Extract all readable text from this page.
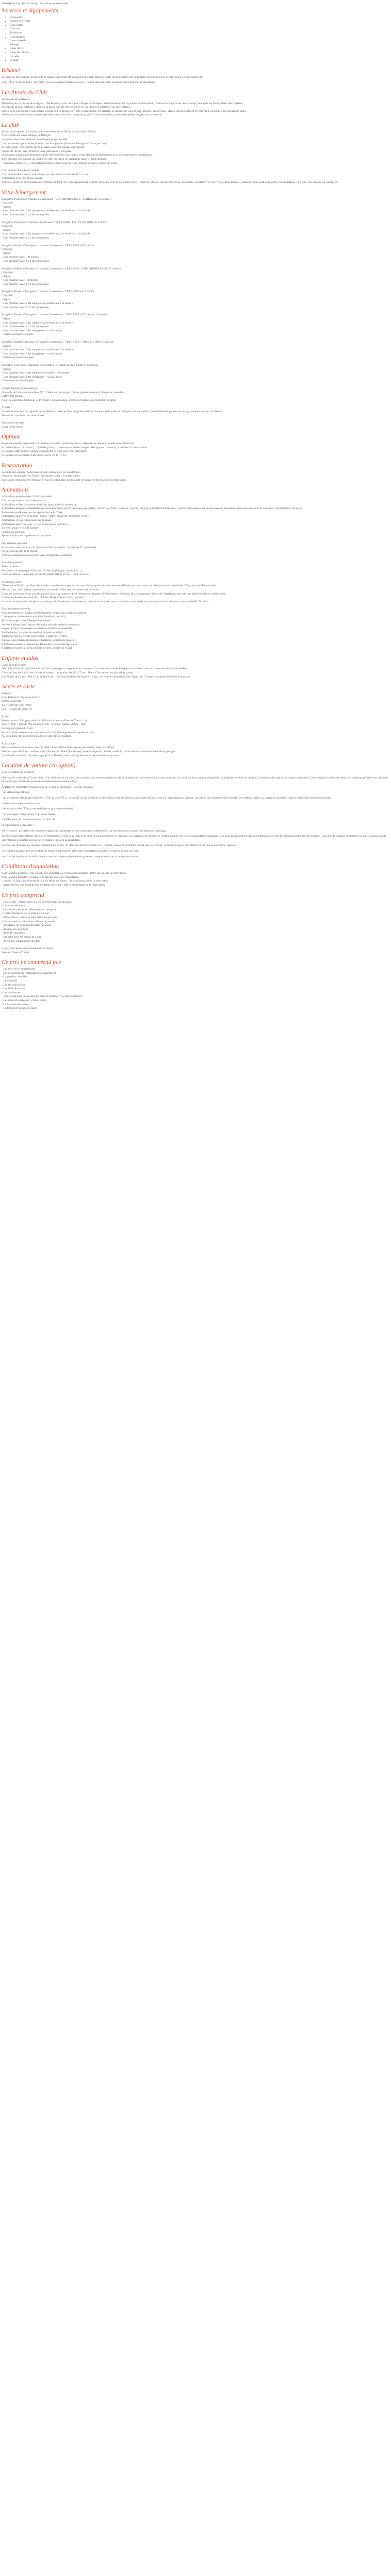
Description à la prise en charge : Ce qui ne comprend pas

Services et équipements
• Restaurant
• Piscine extérieure
• Club enfant
• Club ado
• Télévision
• Climatisation
• Lave vaisselle
• Ménage
• Linge de lit
• Linge de toilette
• Lit bébé
• Parking
Résumé

Au cœur de La Bourgne, profitez de ce magnifique Club 3★ au bord d'une belle plage de sable fin et au milieu de 22 hectares de pinède pour un merveilleux séjour ensoleillé.

Club 3★ au bord du mont : réception, bar et restaurant (barbecue noué) • Le tout dans un cadre époustouflant entre mer et montagnes.

Les Atouts du Club
Pécheresse de la Bigorre.
Découvrez les richesses de la région : l'Île Rousse, Calvi, les vieux villages de Balagne, Saint-Florent et les vignobles de Patrimonio, Bastia et le Cap Corse, Porto et les Calanques de Piana, désert des Agriates...
Profitez de la beau marbique idéal sur la plage du club (sélectionné) et leur mourir et parallèle (sur réservation).
Initiez-vous à la plongée sous-marine (École de l'Île Rousse à 7 km). Sophistiquer vos activités et séances de jeux de mer, plongée découvertes, stages, d'enseignement et réservation la agence de l'accueil du club).
Découvrez de nombreuses activités sportives autour du club : canyoning, golf 9 trous, équitation, randonnées pédestres, parcours aventures...
Le club
Réunit au rivage de la Corse et de la côte ouest, entre l'Île Rousse et Saint-Florent.
À proximité des vieux villages de Balagne.
Les pieds dans l'eau, au bord d'une longue plage de sable.
La climatisation pour un été au frais dans le logement (Formule Prestige et Classique Club).
Au cœur d'une verte pinède de 22 hectares avec une magnifique piscine.
Piscine de 400 m² semi chauffée, avec pataugeoire, pergolas.
Une équipe d'animation dynamique pour des moments conviviaux et une décoration thématique pour des expériences inoubliables.
Bien meublée sur la plage du Club avec offre de loges et location de matériel (sélectionné).
• Club avec ombrière : « circulation piétonne à l'intérieur du Club, parking gratuit à l'entrée du Club.
Club entouré d'une belle verdure.
Club entouré des 3 ans et animations pour les juniors et ados de 11 à 17 ans.
Animations pour tous tout la saison.
Activités sportives et, bibliothèque (Terrains de Padel et Tennis (possibilité de louer sur place avec le partenaire Hotel), cours de fitness / Aérogymnastique, bal zumbe, location VTT, activités « Mini tennis », pétanque, mini golf, ping-pong, Ski Aquatique, tir à l'arc, jeu 18m de jeu, aquagym...
Votre hébergement
Bungalow Premium 3 chambres 6 personnes / VUE IMPRENABLE / TERRASSE (25 à 40m²)
Climatisé
- Séjour
- Une chambre avec 2 lits simples convertibles en 1 lit double ou 1 lit double
- Une chambre avec 2 x 2 lits superposés
Bungalow Premium 2 chambres 4 personnes / TERRASSE / FRONT DE MER (25 à 40m²)
Climatisé
- Séjour
- Une chambre avec 2 lits simples convertibles en 1 lit double ou 1 lit double
- Une chambre avec 2 x 2 lits superposés
Bungalow Duplex Classique 2 chambres 5 personnes / TERRASSE (35 à 40m²)
Climatisé
- Séjour
- Une chambre avec 1 lit double
- Une chambre avec 2 x 2 lits superposés
Bungalow Duplex Classique 2 chambres 6 personnes / TERRASSE / VUE IMPRENABLE (25 à 40m²)
Climatisé
- Séjour
- Une chambre avec 1 lit double
- Une chambre avec 2 x 2 lits superposés
Bungalow Duplex Classique 2 chambres 6 personnes / TERRASSE (30 à 35m²)
Climatisé
- Séjour
- Une chambre avec 2 lits simples convertibles en 1 lit double
- Une chambre avec 2 x 2 lits superposés
Bungalow Duplex Classique 2 chambres 6 personnes / TERRASSE (25 à 40m²) : Climatisé,
- Séjour
- Une chambre avec 2 lits simples convertibles en 1 lit double
- Une chambre avec 2 x 2 lits superposés
- Une chambre avec 2 lits superposés + un lit simple
- Terrasse privative équipée
Bungalow Duplex Classique 2 chambres 6 personnes / TERRASSE / VUE (25 à 40m²) Climatisé
- Séjour
- Une chambre avec 2 lits simples convertibles en 1 lit double
- Une chambre avec 2 lits superposés + un lit simple
- Terrasse privative équipée
Bungalow Classique 2 chambres 5 personnes / TERRASSE (25 à 40m²) : Climatisé
- Séjour
- Une chambre avec 2 lits simples convertibles 1 lit double
- Une chambre avec 2 lits superposés + un lit simple
- Terrasse privative équipée
Chaque logement est équipé de :
Une salle de bain avec douche et WC. Télévision écran plat, chaise, grande armoire à plaques et vaisselier.
Coffre-fort payant.
Pour les logements Classique et Premium : Climatisation, terrasse privative avec mobilier de jardin
À noter :
Chambres avec balcon, répartis sur les Séniors, bébés et Teen Ange de parchins Des sont Sédentaire de 7 étages avec ascenseurs, possibilité de logements en Sanglants dans la pour vos Séniors.
Toutes les chambres sont non-fumeur.
Prestations incluses :
Linge de lit fourni
Options
Pension complète disponible sur certaines périodes : petits-déjeuners, déjeuners et dîners à la table selon direction).
All table offert ( 16 h et ed ) : Lit bébé gratuit, chaise haute et chaise longue bébé (payant 12 euros), à préciser à la réservation.
Ce service étant délivré selon la disponibilité et à préciser à la réservation.
Ce service est à préciser avant départ au 04 46 11 17 14.
Restauration
Formule en location : hébergement seul, restauration en supplément.
Nouveau : Restaurant "Le Padus" spécialités Corse : en supplément.
Bar lounge climatisé avec terrasse et vue exceptionnelle sur le Golfe de Lozari et bar piscine en pleine aout.
Animations
Animations programmées à l'été (saisonale).
Club enfant intervenant la découverte.
Animations en bar (ambiance musicale, jeux, apéritifs animés...).
Animations ludiques et familiales en fin de journée et soirée : tournées spectacles, tournois de Poker, Karaoké, cinéma, cabaret, animations d'ambiance ; soirées thématiques, en fin de semaine, animations musicales (festival de musiques, d'animation et de jeux).
Rencontres et découvertes des spectacles de la Corse.
Animations sportives pour tous : tennis, volley, aquagym, stretching, gym...
Animations et loisirs intérieurs sur la plage.
Animations sportives pour : « Les Randon rons de Lon » ...
Soirées lounge en fin de journée.
Cinéma en plein air.
Sports et loisirs en supplément à proximité.
Des activités payantes :
Excursions toute la saison au départ du Club (en saison : à partir de 20 personnes).
Sorties découverte de la région.
Activités nautiques au sport libre avec prestataires extérieurs.
Activités gratuites :
Toute la saison :
Jeux, tournois, pétanque, Kids club (football, pétanque, water-polo...).
Cours de fitness, Bienvenue, leçons de tennis, lettres 10 en 11 mm / Louvre.
En saison et hors :
"Découverte Tonic" : profitez d'une offre complète de stages et cours particuliers pour tous les niveaux, délivrés par nos coachs certifiés (moniteurs diplômés d'État, plus de 150 activités).
Prêt de Tonic avec prêt de matériel sur la base de l'offre, une découverte de la Corse.
Cours de remise en forme assurés par les coachs partenaires de la Fédération Française d'Athlétisme : Running, Marche nordique, Cross-fit, Stretching, activités aux agrès et séances d'athlétisme.
Coachs professionnels certifiés : "Pilates, Body Combat, Body Balance".
Cours et initiation délivrés par nos moniteurs diplômés pour les enfants à partir de 6 ans (débutants, confirmés ou en perfectionnement), suivi en piscine, ou espace dédié. Tir à l'arc.
Bons moments ensemble :
Bons moments sur la plage du Club (public, seuls, sous condition météo).
Calanques et rivières (une activité à l'extérieur du club).
Pétanque et jeux avec l'équipe d'animation.
Soirées à thème dans l'espace dédié (location de matériel en option).
Kayak de mer (randonnées encadrées et location de matériel).
Paddle (cours, location de matériel, balades guidées).
Balades à vélo électrique (avec guide, à partir de 16 ans).
Plongée sous-marine (initiation et baptême, location de matériel).
Randonnée pédestre (Sentier des Douaniers, Désert des Agriates).
Équitation (balade à cheval au bord de mer, à partir de 8 ans).
Enfants et ados
Clubs enfants et ados
Des clubs offrant la possibilité de découvrir, partager et s'épanouir en s'amusant à travers les activités ludiques et sportives, dans un cadre sécurisé et bienveillant.
Clubs enfants de 3 à 10 ans, fermés le samedi. Les juniors de 11 à 17 ans : Teens Club, ouvert en journée et soirée.
Les Pirates des 4 ans : 10h à 12h et 16h à 18h : Les Moussaillons de 6 ans et 12 ans : activités et animations, les Teens (11-17 ans) en vacances scolaires Françaises.
Accès et carte
Adresse :
Club Belambra "Golfe de Lozari"
20226 Belgodère
Tél : +33(0)4 95 60 00 00
Fax : +33(0)4 95 60 00 79
Accès :
Voie en avion : Aéroports de Calvi (30 km - Allenton) Bastia (75 km - 1h)
Voie en ferry : Port de l'Île-Rousse (7 km - 10 mn) ; Bastia (70 km - 1h10)
Parking non gardé du Club
Service de bus navette avec arrêt devant le club (renseignements auprès du club).
Au-delà d'une des plus belles plages de sable fin de Balagne.
À proximité :
Tous commerces et services avec un club : alimentation, boulangerie, pharmacie, tabac et coiffeur.
Dans un rayon de 7 km : banque et distributeur de billets (Île Rousse), bureau de poste, cinéma, médecin, station essence, location matériel de plongée.
Location de voitures / vélo électrique (Calvi, Bastia) (réservation préalable au déroulement sur place).
Location de voiture (en option)

Pour la location de véhicule :

Délivrez les codes de la Corse à bord d'un véhicule de location Une caution vous sera demandée lors de la récupération de votre véhicule chez le loueur. Le montant de la caution dépend de la catégorie de véhicule choisie. Le montant de caution vous sera remboursé à la restitution du véhicule, dans les conditions prévues (en l'absence de dommage). Toutes les garanties complémentaires sont exclues.

À défaut de conducteur principal âgé de 21 ans au minimum, les tarifs incluent :

- un kilométrage illimité

- les assurances dommage accident (CDW) et vol (TPC) : en cas de vol du véhicule ou des objets (sauf accessoires non autorisés) hors d'un lieu privé (garage, parking, surveillé), une franchise d'un montant non définitif reste à la charge du locataire (perte et franchise non remboursable)

- l'assurance responsabilité civile

- les taxes locales (TVA, taxes fédérales et gouvernementales)

- un surcharge d'aéroport sur la prise en charge

- le GPS selon le conditionnement du véhicule

Les documents à présenter :

Votre conseil : Le permis de conduire original du conducteur et des conducteurs additionnels, la carte bancaire au nom du conducteur principal.

En cas de non-présentation d'un de ces documents, le loueur se réserve le droit de ne pas remettre le véhicule. La location sera considérée comme annulée et les frais d'annulation appliqués. Les frais de location ne sont pas remboursés en cas de restitution anticipée du véhicule. Tout jour de location commencé est dû. Le loueur assure son véhicule à compter de la prise en charge et jusqu'à sa restitution.

Les frais de carburant ne sont pas compris dans le prix, le véhicule doit être rendu avec le même niveau de carburant qu'à la prise en charge. À défaut, le plein sera facturé par le loueur au tarif en vigueur.

Les conditions générales de location du loueur s'appliquent ; elles sont consultables sur place et auprès de nos services.

Les frais de restitution du véhicule dans une autre agence que celle de prise en charge (« one way ») ne sont pas inclus.

Conditions d'annulation
Pour la partie demeure : Vos-en sont non modifiables et non remboursables. 100% de frais de la réservation.
Pour la partie terrestre : et dessous le barème des frais d'annulation.
- Jusqu'à 30 jours inclus avant la date du début du séjour : 30 % du montant de la réservation.
- Moins de 30 jours avant la date de début du séjour : 100 % du montant de la réservation.
Ce prix comprend
- Le vol aller / retour opéré sur les vols réguliers ou spéciaux
- Les taxes aéroports
- Le transfert aéroport / hébergement / aéroport
- L'hébergement selon la formule choisie
- Club enfants, juniors et ados selon les périodes
- Les activités et animations selon programme
- Assistance de notre représentant sur place
- Animations pour tous
- Activités sportives
- Kit bébé pour les moins de 2 ans
- Accès aux équipements du club
Le prix est calculé par personne et par séjour.
Séjours d'une ou 7 nuits.
Ce prix ne comprend pas
- Les services et suppléments
- Les prestations de restauration en supplément
- La pension complète
- Le transport
- Les taxes de séjour
- Les frais de dossier
- Les assurances
- Tout ce qui n'est pas mentionné dans la rubrique "Ce prix comprend"
- Les transferts aéroport / club et retour
- La location de voiture
- Le forfait de bagage en soute
